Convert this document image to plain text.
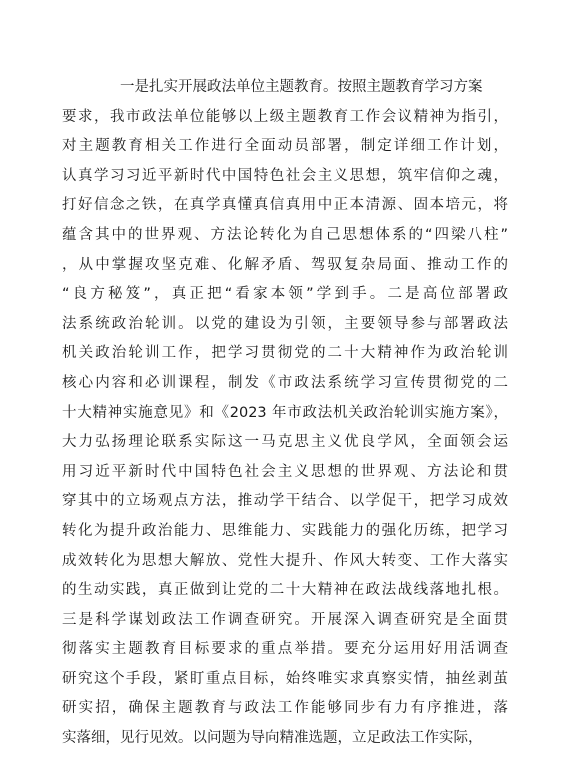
一是扎实开展政法单位主题教育。按照主题教育学习方案
要求，我市政法单位能够以上级主题教育工作会议精神为指引，
对主题教育相关工作进行全面动员部署，制定详细工作计划，
认真学习习近平新时代中国特色社会主义思想，筑牢信仰之魂，
打好信念之铁，在真学真懂真信真用中正本清源、固本培元，将
蕴含其中的世界观、方法论转化为自己思想体系的“四梁八柱”
，从中掌握攻坚克难、化解矛盾、驾驭复杂局面、推动工作的
“良方秘笈”，真正把“看家本领”学到手。二是高位部署政
法系统政治轮训。以党的建设为引领，主要领导参与部署政法
机关政治轮训工作，把学习贯彻党的二十大精神作为政治轮训
核心内容和必训课程，制发《市政法系统学习宣传贯彻党的二
十大精神实施意见》和《2023 年市政法机关政治轮训实施方案》，
大力弘扬理论联系实际这一马克思主义优良学风，全面领会运
用习近平新时代中国特色社会主义思想的世界观、方法论和贯
穿其中的立场观点方法，推动学干结合、以学促干，把学习成效
转化为提升政治能力、思维能力、实践能力的强化历练，把学习
成效转化为思想大解放、党性大提升、作风大转变、工作大落实
的生动实践，真正做到让党的二十大精神在政法战线落地扎根。
三是科学谋划政法工作调查研究。开展深入调查研究是全面贯
彻落实主题教育目标要求的重点举措。要充分运用好用活调查
研究这个手段，紧盯重点目标，始终唯实求真察实情，抽丝剥茧
研实招，确保主题教育与政法工作能够同步有力有序推进，落
实落细，见行见效。以问题为导向精准选题，立足政法工作实际，
